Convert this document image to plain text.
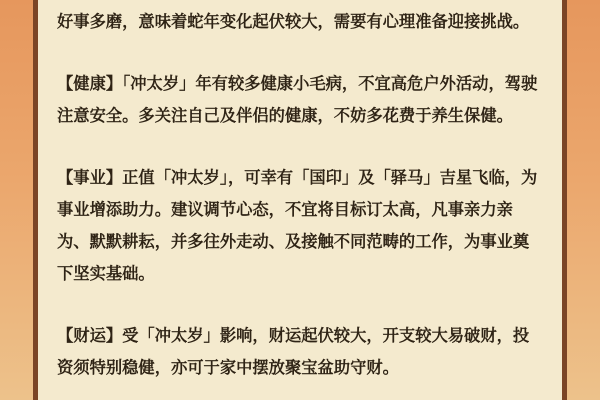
好事多磨，意味着蛇年变化起伏较大，需要有心理准备迎接挑战。

【健康】「冲太岁」年有较多健康小毛病，不宜高危户外活动，驾驶
注意安全。多关注自己及伴侣的健康，不妨多花费于养生保健。

【事业】正值「冲太岁」，可幸有「国印」及「驿马」吉星飞临，为
事业增添助力。建议调节心态，不宜将目标订太高，凡事亲力亲
为、默默耕耘，并多往外走动、及接触不同范畴的工作，为事业奠
下坚实基础。

【财运】受「冲太岁」影响，财运起伏较大，开支较大易破财，投
资须特别稳健，亦可于家中摆放聚宝盆助守财。
